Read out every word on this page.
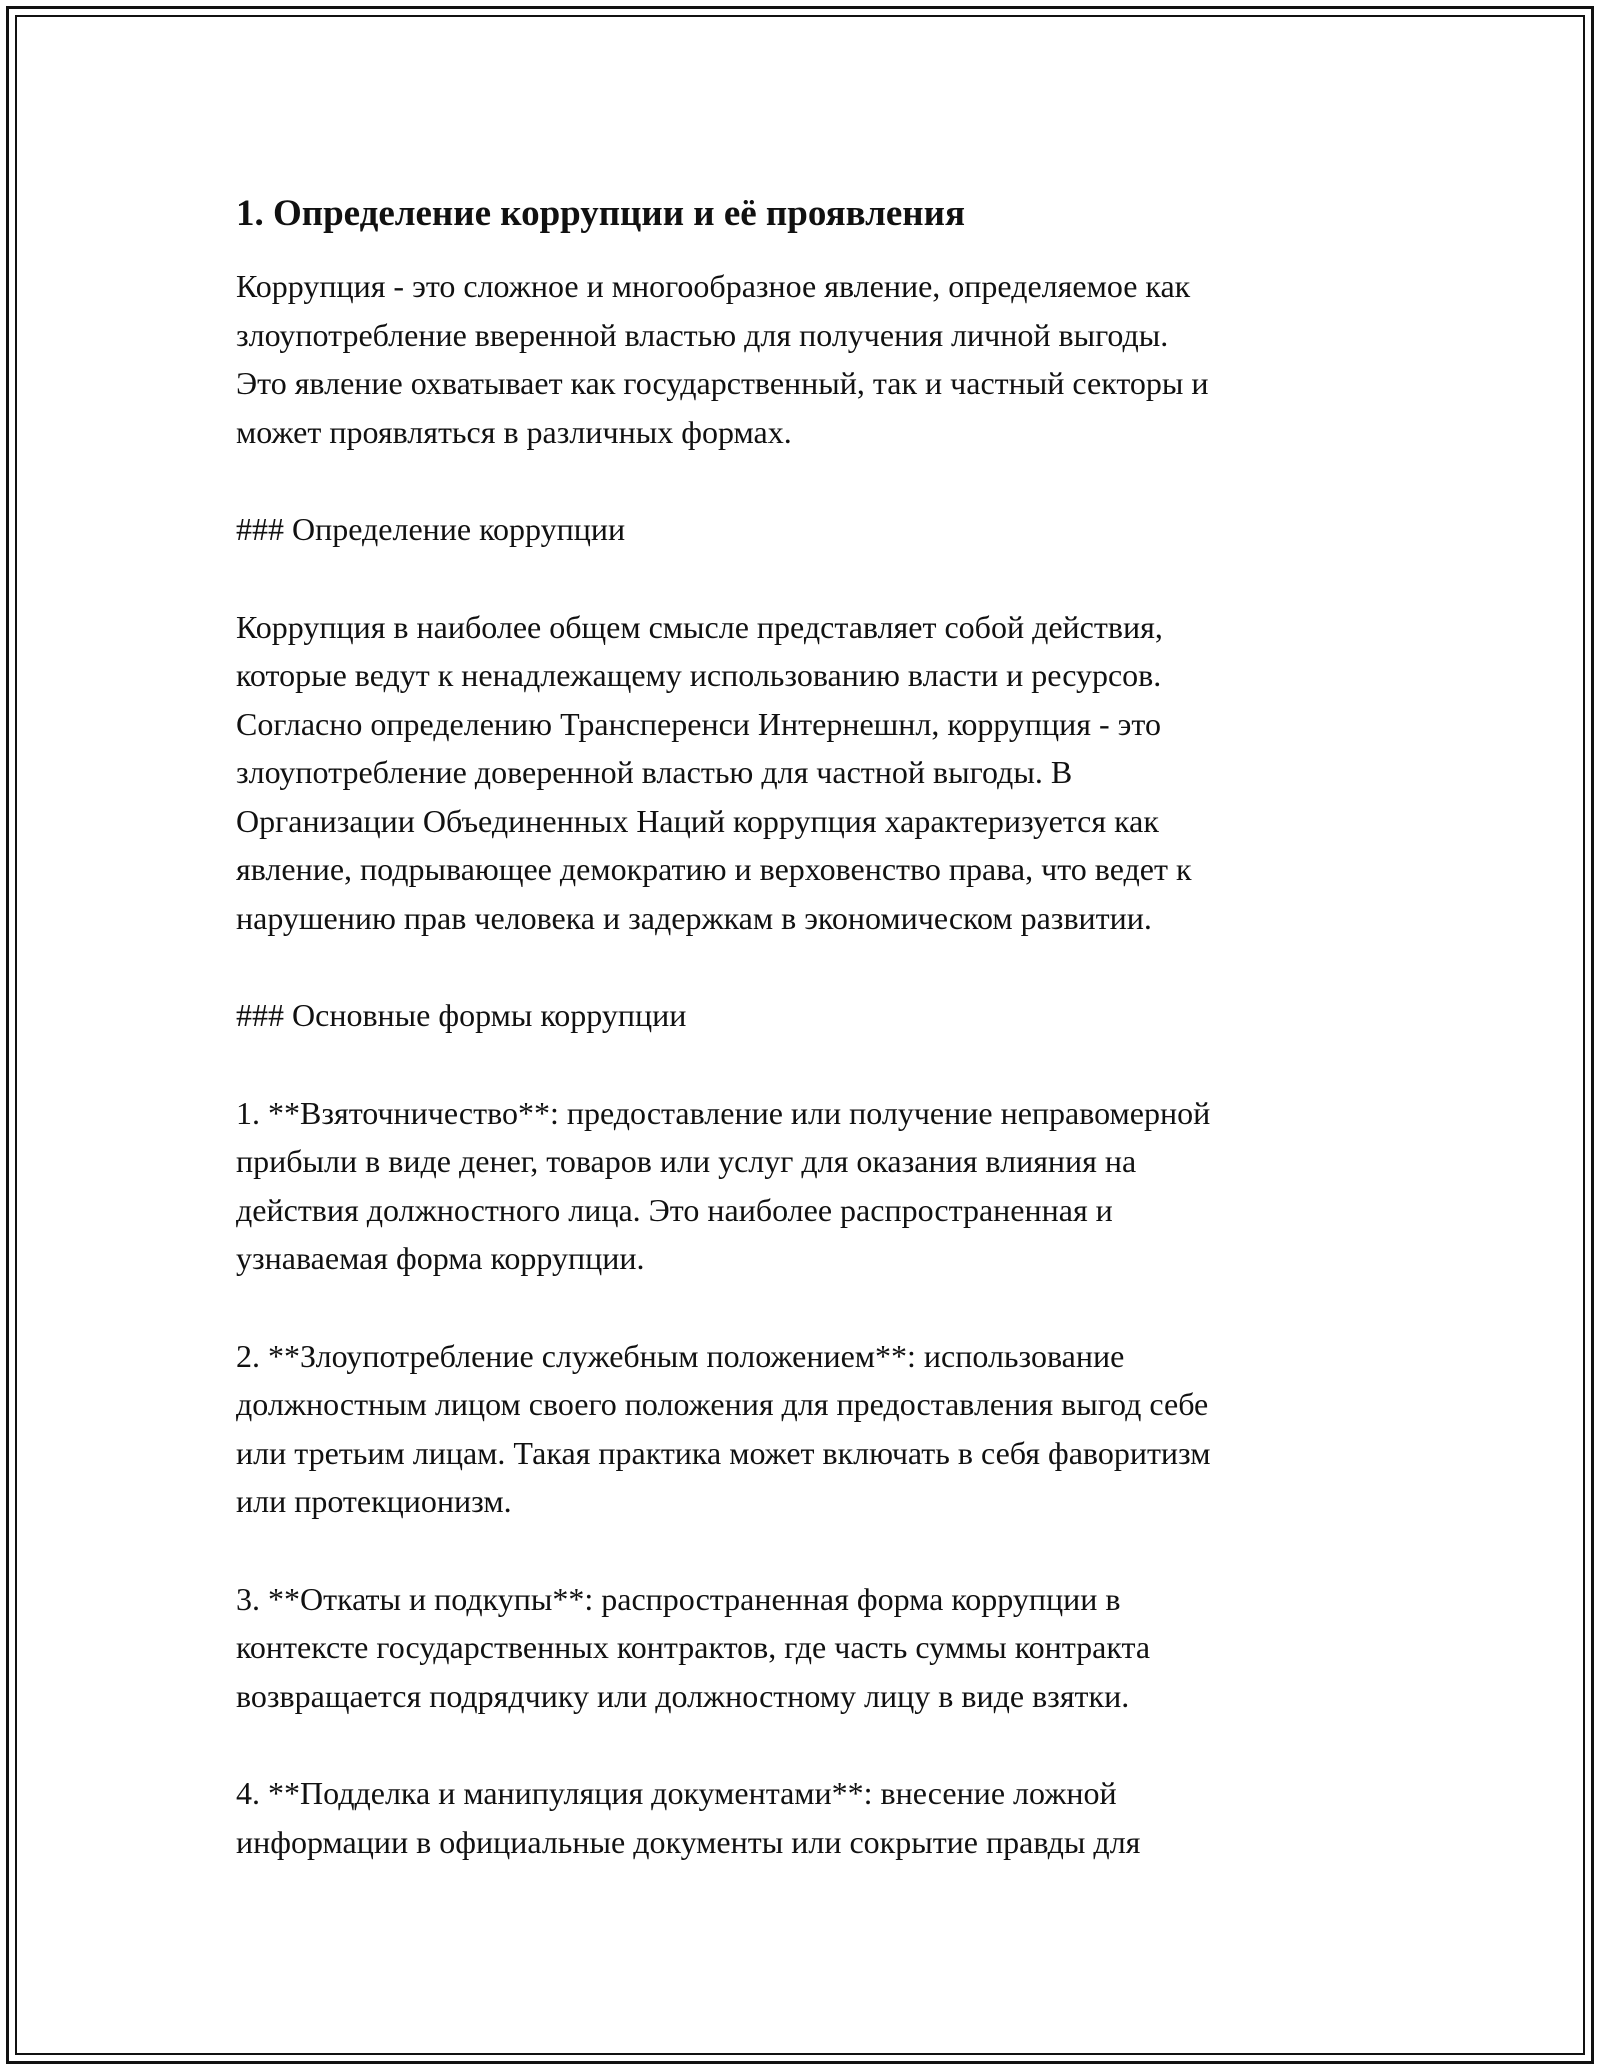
1. Определение коррупции и её проявления

Коррупция - это сложное и многообразное явление, определяемое как
злоупотребление вверенной властью для получения личной выгоды.
Это явление охватывает как государственный, так и частный секторы и
может проявляться в различных формах.

### Определение коррупции

Коррупция в наиболее общем смысле представляет собой действия,
которые ведут к ненадлежащему использованию власти и ресурсов.
Согласно определению Трансперенси Интернешнл, коррупция - это
злоупотребление доверенной властью для частной выгоды. В
Организации Объединенных Наций коррупция характеризуется как
явление, подрывающее демократию и верховенство права, что ведет к
нарушению прав человека и задержкам в экономическом развитии.

### Основные формы коррупции

1. **Взяточничество**: предоставление или получение неправомерной
прибыли в виде денег, товаров или услуг для оказания влияния на
действия должностного лица. Это наиболее распространенная и
узнаваемая форма коррупции.

2. **Злоупотребление служебным положением**: использование
должностным лицом своего положения для предоставления выгод себе
или третьим лицам. Такая практика может включать в себя фаворитизм
или протекционизм.

3. **Откаты и подкупы**: распространенная форма коррупции в
контексте государственных контрактов, где часть суммы контракта
возвращается подрядчику или должностному лицу в виде взятки.

4. **Подделка и манипуляция документами**: внесение ложной
информации в официальные документы или сокрытие правды для
